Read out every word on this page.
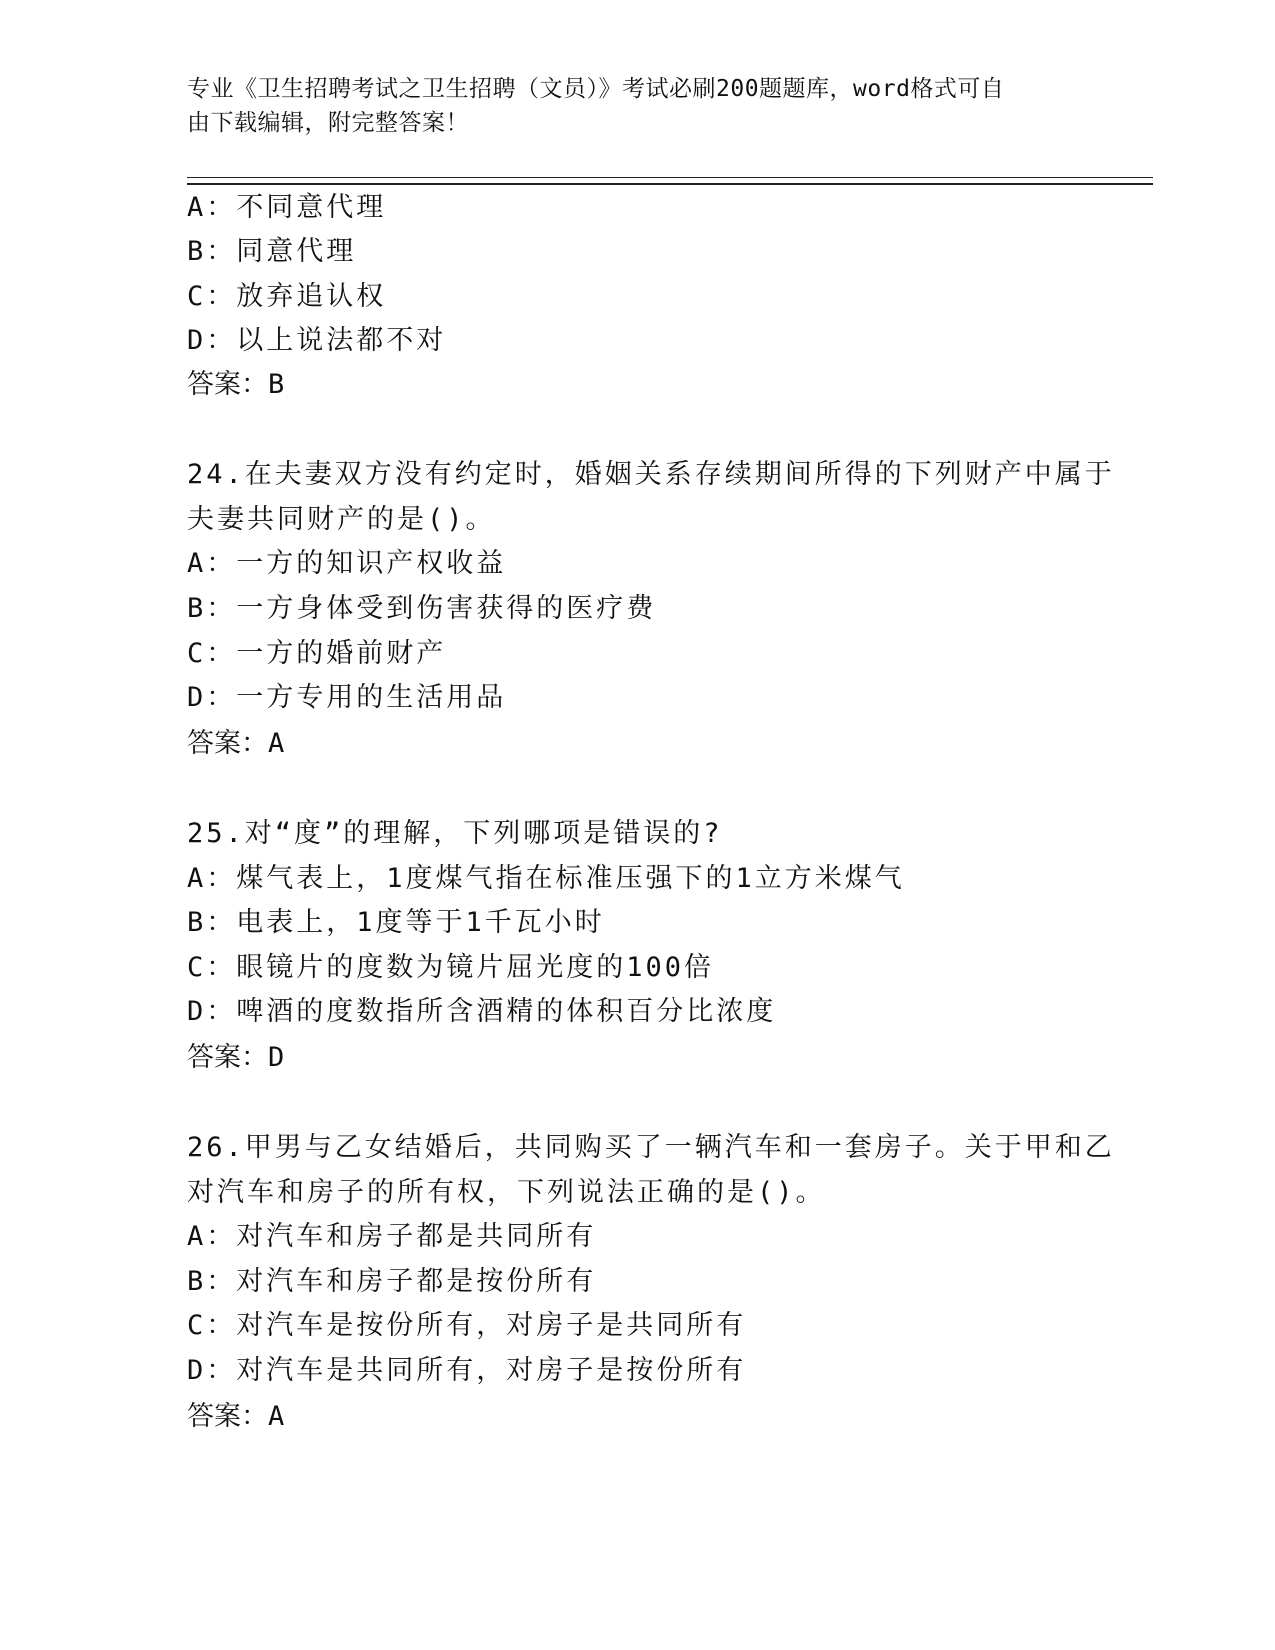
专业《卫生招聘考试之卫生招聘（文员）》考试必刷200题题库，word格式可自
由下载编辑，附完整答案！
A：不同意代理
B：同意代理
C：放弃追认权
D：以上说法都不对
答案：B
24.在夫妻双方没有约定时，婚姻关系存续期间所得的下列财产中属于
夫妻共同财产的是()。
A：一方的知识产权收益
B：一方身体受到伤害获得的医疗费
C：一方的婚前财产
D：一方专用的生活用品
答案：A
25.对“度”的理解，下列哪项是错误的?
A：煤气表上，1度煤气指在标准压强下的1立方米煤气
B：电表上，1度等于1千瓦小时
C：眼镜片的度数为镜片屈光度的100倍
D：啤酒的度数指所含酒精的体积百分比浓度
答案：D
26.甲男与乙女结婚后，共同购买了一辆汽车和一套房子。关于甲和乙
对汽车和房子的所有权，下列说法正确的是()。
A：对汽车和房子都是共同所有
B：对汽车和房子都是按份所有
C：对汽车是按份所有，对房子是共同所有
D：对汽车是共同所有，对房子是按份所有
答案：A
